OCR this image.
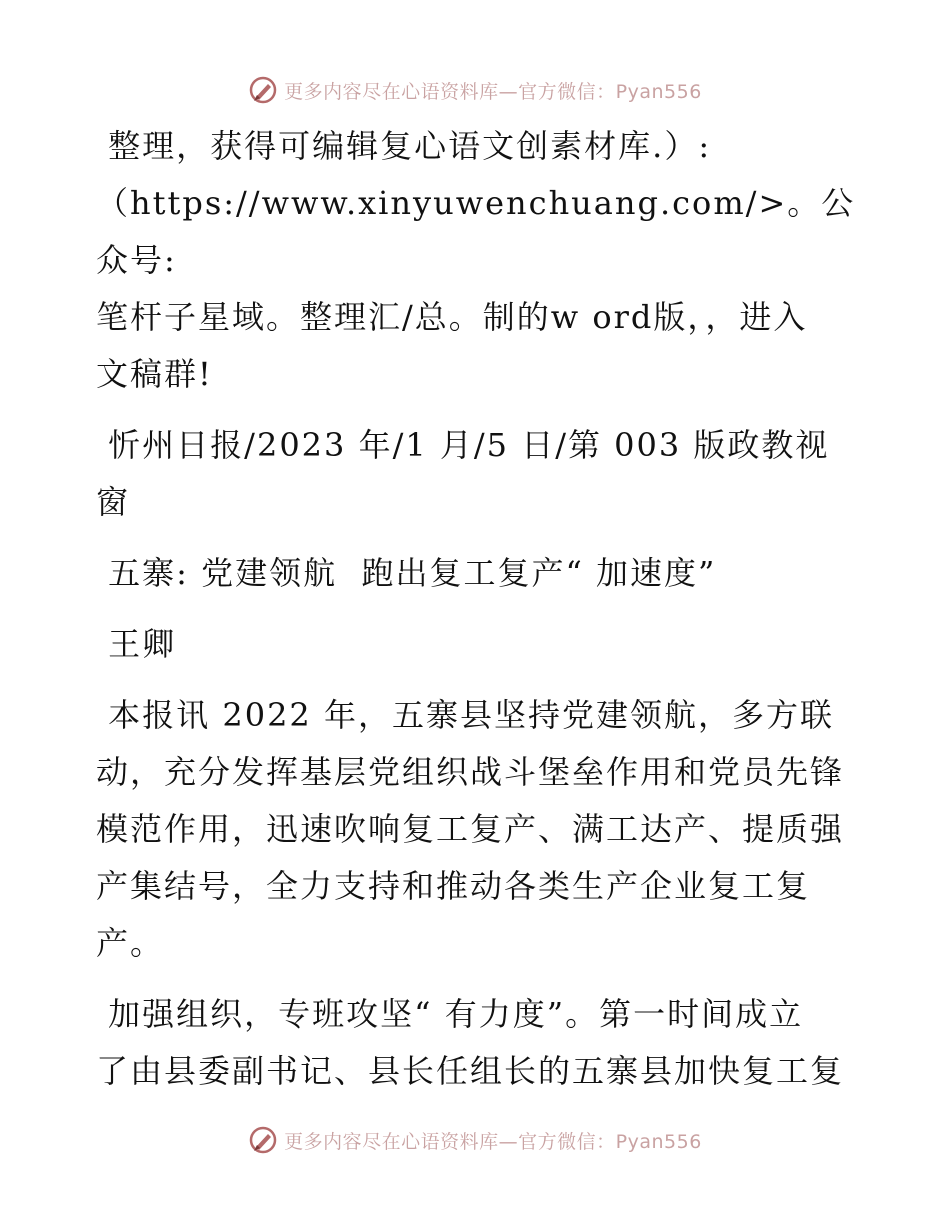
更多内容尽在心语资料库—官方微信：Pyan556

整理，获得可编辑复心语文创素材库.）:
（https://www.xinyuwenchuang.com/>。公众号:
笔杆子星域。整理汇/总。制的w ord版，，进入
文稿群!

忻州日报/2023 年/1 月/5 日/第 003 版政教视
窗

五寨: 党建领航  跑出复工复产“ 加速度”

王卿

本报讯 2022 年，五寨县坚持党建领航，多方联
动，充分发挥基层党组织战斗堡垒作用和党员先锋
模范作用，迅速吹响复工复产、满工达产、提质强
产集结号，全力支持和推动各类生产企业复工复
产。

加强组织，专班攻坚“ 有力度”。第一时间成立
了由县委副书记、县长任组长的五寨县加快复工复

更多内容尽在心语资料库—官方微信：Pyan556
